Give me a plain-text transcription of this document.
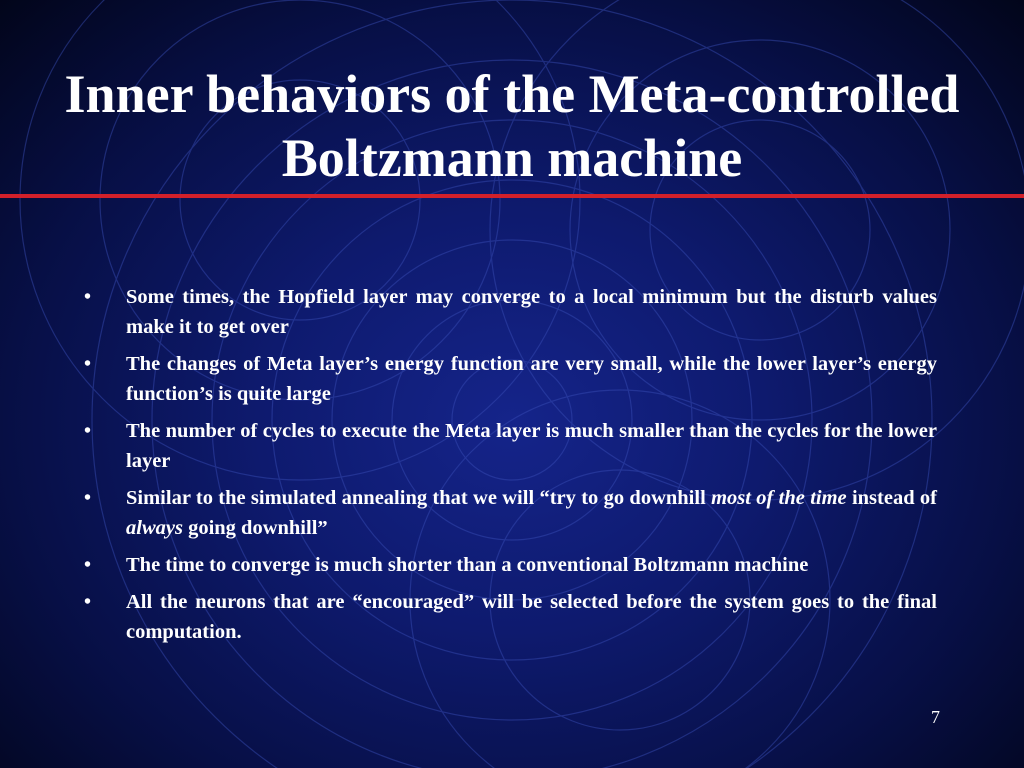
Inner behaviors of the Meta-controlled Boltzmann machine
• Some times, the Hopfield layer may converge to a local minimum but the disturb values make it to get over
• The changes of Meta layer’s energy function are very small, while the lower layer’s energy function’s is quite large
• The number of cycles to execute the Meta layer is much smaller than the cycles for the lower layer
• Similar to the simulated annealing that we will “try to go downhill most of the time instead of always going downhill”
• The time to converge is much shorter than a conventional Boltzmann machine
• All the neurons that are “encouraged” will be selected before the system goes to the final computation.
7
